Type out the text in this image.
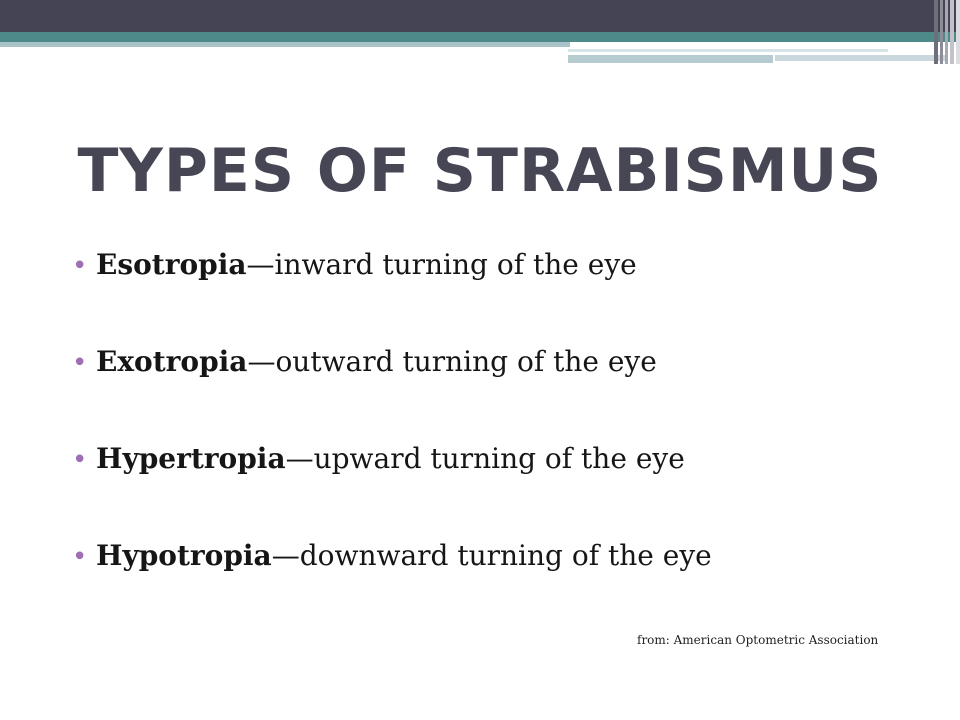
TYPES OF STRABISMUS
• Esotropia—inward turning of the eye
• Exotropia—outward turning of the eye
• Hypertropia—upward turning of the eye
• Hypotropia—downward turning of the eye
from: American Optometric Association
